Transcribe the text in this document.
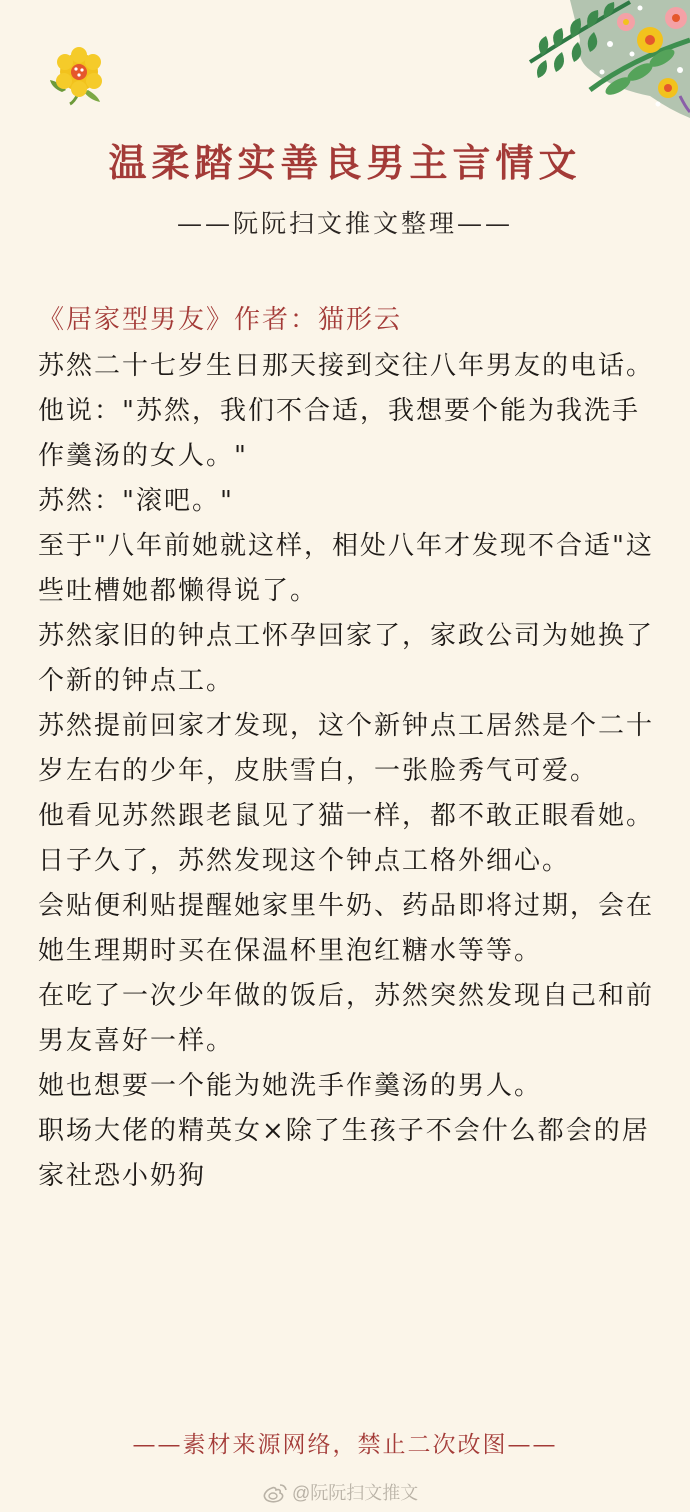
温柔踏实善良男主言情文
——阮阮扫文推文整理——
《居家型男友》作者：猫形云

苏然二十七岁生日那天接到交往八年男友的电话。

他说："苏然，我们不合适，我想要个能为我洗手作羹汤的女人。"

苏然："滚吧。"

至于"八年前她就这样，相处八年才发现不合适"这些吐槽她都懒得说了。

苏然家旧的钟点工怀孕回家了，家政公司为她换了个新的钟点工。

苏然提前回家才发现，这个新钟点工居然是个二十岁左右的少年，皮肤雪白，一张脸秀气可爱。

他看见苏然跟老鼠见了猫一样，都不敢正眼看她。

日子久了，苏然发现这个钟点工格外细心。

会贴便利贴提醒她家里牛奶、药品即将过期，会在她生理期时买在保温杯里泡红糖水等等。

在吃了一次少年做的饭后，苏然突然发现自己和前男友喜好一样。

她也想要一个能为她洗手作羹汤的男人。

职场大佬的精英女×除了生孩子不会什么都会的居家社恐小奶狗

——素材来源网络，禁止二次改图——
@阮阮扫文推文
